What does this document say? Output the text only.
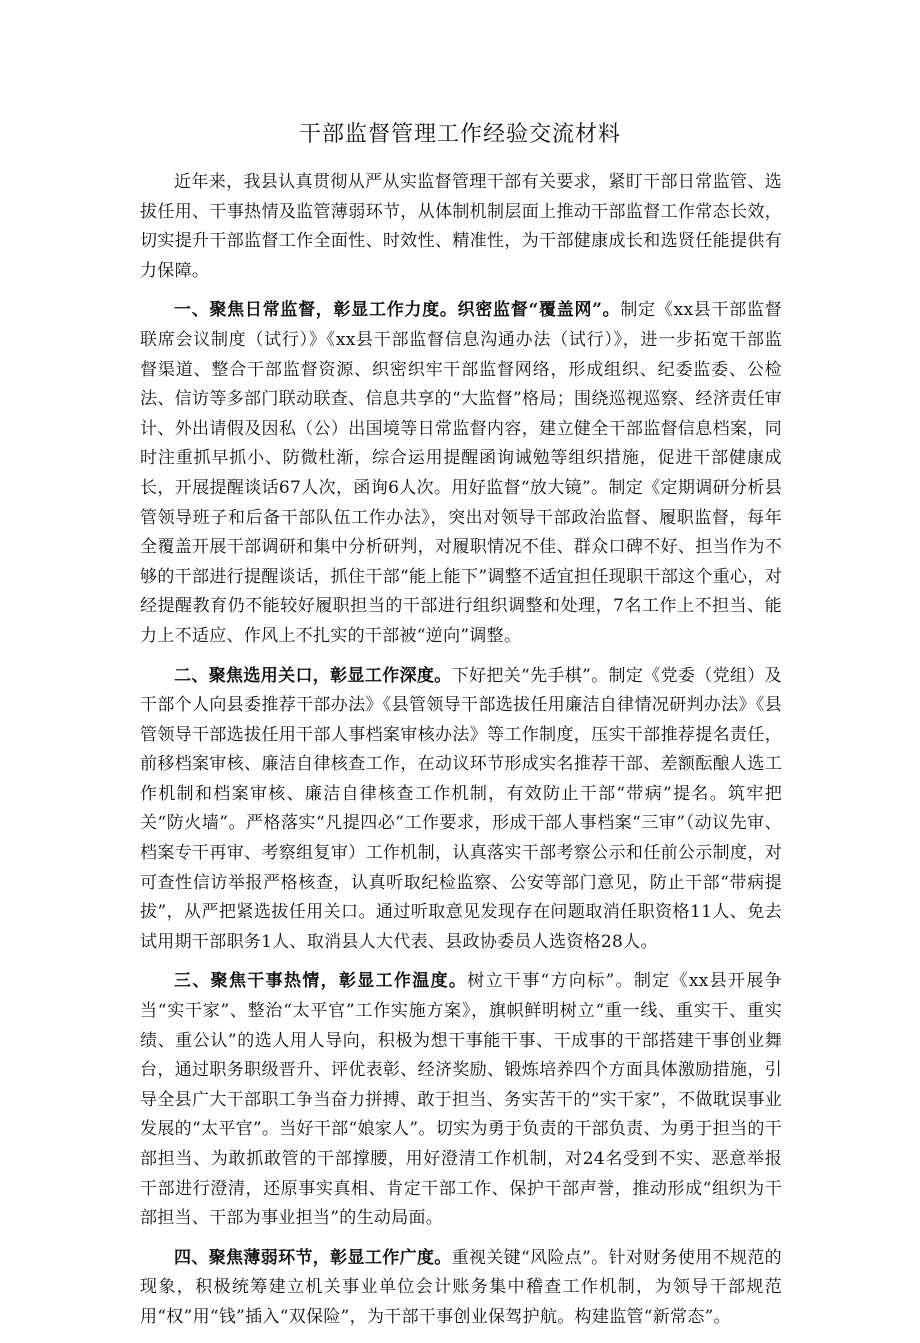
干部监督管理工作经验交流材料

近年来，我县认真贯彻从严从实监督管理干部有关要求，紧盯干部日常监管、选拔任用、干事热情及监管薄弱环节，从体制机制层面上推动干部监督工作常态长效，切实提升干部监督工作全面性、时效性、精准性，为干部健康成长和选贤任能提供有力保障。

一、聚焦日常监督，彰显工作力度。织密监督“覆盖网”。制定《xx县干部监督联席会议制度（试行）》《xx县干部监督信息沟通办法（试行）》，进一步拓宽干部监督渠道、整合干部监督资源、织密织牢干部监督网络，形成组织、纪委监委、公检法、信访等多部门联动联查、信息共享的“大监督”格局；围绕巡视巡察、经济责任审计、外出请假及因私（公）出国境等日常监督内容，建立健全干部监督信息档案，同时注重抓早抓小、防微杜渐，综合运用提醒函询诫勉等组织措施，促进干部健康成长，开展提醒谈话67人次，函询6人次。用好监督“放大镜”。制定《定期调研分析县管领导班子和后备干部队伍工作办法》，突出对领导干部政治监督、履职监督，每年全覆盖开展干部调研和集中分析研判，对履职情况不佳、群众口碑不好、担当作为不够的干部进行提醒谈话，抓住干部“能上能下”调整不适宜担任现职干部这个重心，对经提醒教育仍不能较好履职担当的干部进行组织调整和处理，7名工作上不担当、能力上不适应、作风上不扎实的干部被“逆向”调整。

二、聚焦选用关口，彰显工作深度。下好把关“先手棋”。制定《党委（党组）及干部个人向县委推荐干部办法》《县管领导干部选拔任用廉洁自律情况研判办法》《县管领导干部选拔任用干部人事档案审核办法》等工作制度，压实干部推荐提名责任，前移档案审核、廉洁自律核查工作，在动议环节形成实名推荐干部、差额酝酿人选工作机制和档案审核、廉洁自律核查工作机制，有效防止干部“带病”提名。筑牢把关“防火墙”。严格落实“凡提四必”工作要求，形成干部人事档案“三审”（动议先审、档案专干再审、考察组复审）工作机制，认真落实干部考察公示和任前公示制度，对可查性信访举报严格核查，认真听取纪检监察、公安等部门意见，防止干部“带病提拔”，从严把紧选拔任用关口。通过听取意见发现存在问题取消任职资格11人、免去试用期干部职务1人、取消县人大代表、县政协委员人选资格28人。

三、聚焦干事热情，彰显工作温度。树立干事“方向标”。制定《xx县开展争当“实干家”、整治“太平官”工作实施方案》，旗帜鲜明树立“重一线、重实干、重实绩、重公认”的选人用人导向，积极为想干事能干事、干成事的干部搭建干事创业舞台，通过职务职级晋升、评优表彰、经济奖励、锻炼培养四个方面具体激励措施，引导全县广大干部职工争当奋力拼搏、敢于担当、务实苦干的“实干家”，不做耽误事业发展的“太平官”。当好干部“娘家人”。切实为勇于负责的干部负责、为勇于担当的干部担当、为敢抓敢管的干部撑腰，用好澄清工作机制，对24名受到不实、恶意举报干部进行澄清，还原事实真相、肯定干部工作、保护干部声誉，推动形成“组织为干部担当、干部为事业担当”的生动局面。

四、聚焦薄弱环节，彰显工作广度。重视关键“风险点”。针对财务使用不规范的现象，积极统筹建立机关事业单位会计账务集中稽查工作机制，为领导干部规范用“权”用“钱”插入“双保险”，为干部干事创业保驾护航。构建监管“新常态”。
